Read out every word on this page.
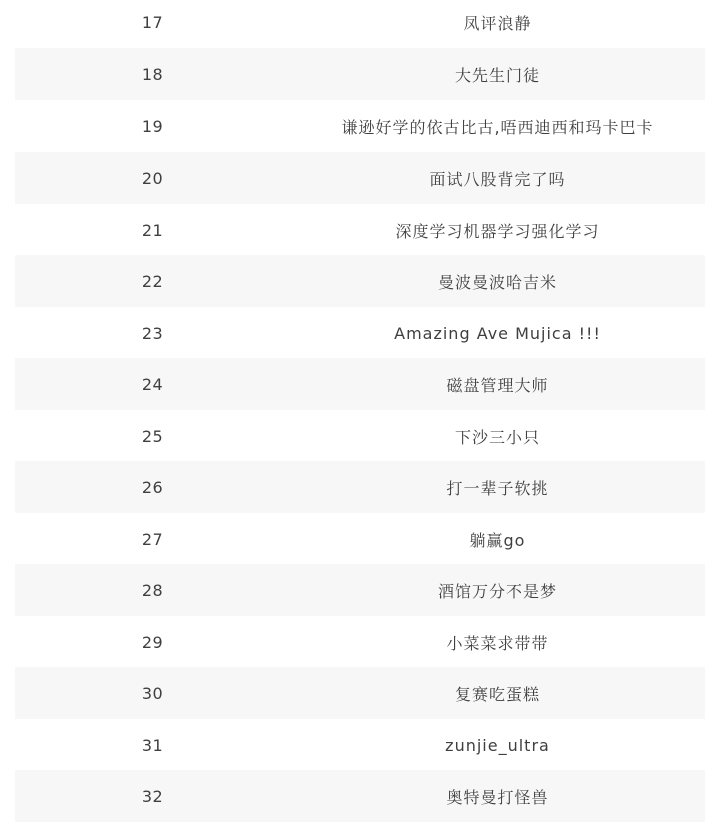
17	凤评浪静
18	大先生门徒
19	谦逊好学的依古比古,唔西迪西和玛卡巴卡
20	面试八股背完了吗
21	深度学习机器学习强化学习
22	曼波曼波哈吉米
23	Amazing Ave Mujica !!!
24	磁盘管理大师
25	下沙三小只
26	打一辈子软挑
27	躺赢go
28	酒馆万分不是梦
29	小菜菜求带带
30	复赛吃蛋糕
31	zunjie_ultra
32	奥特曼打怪兽
